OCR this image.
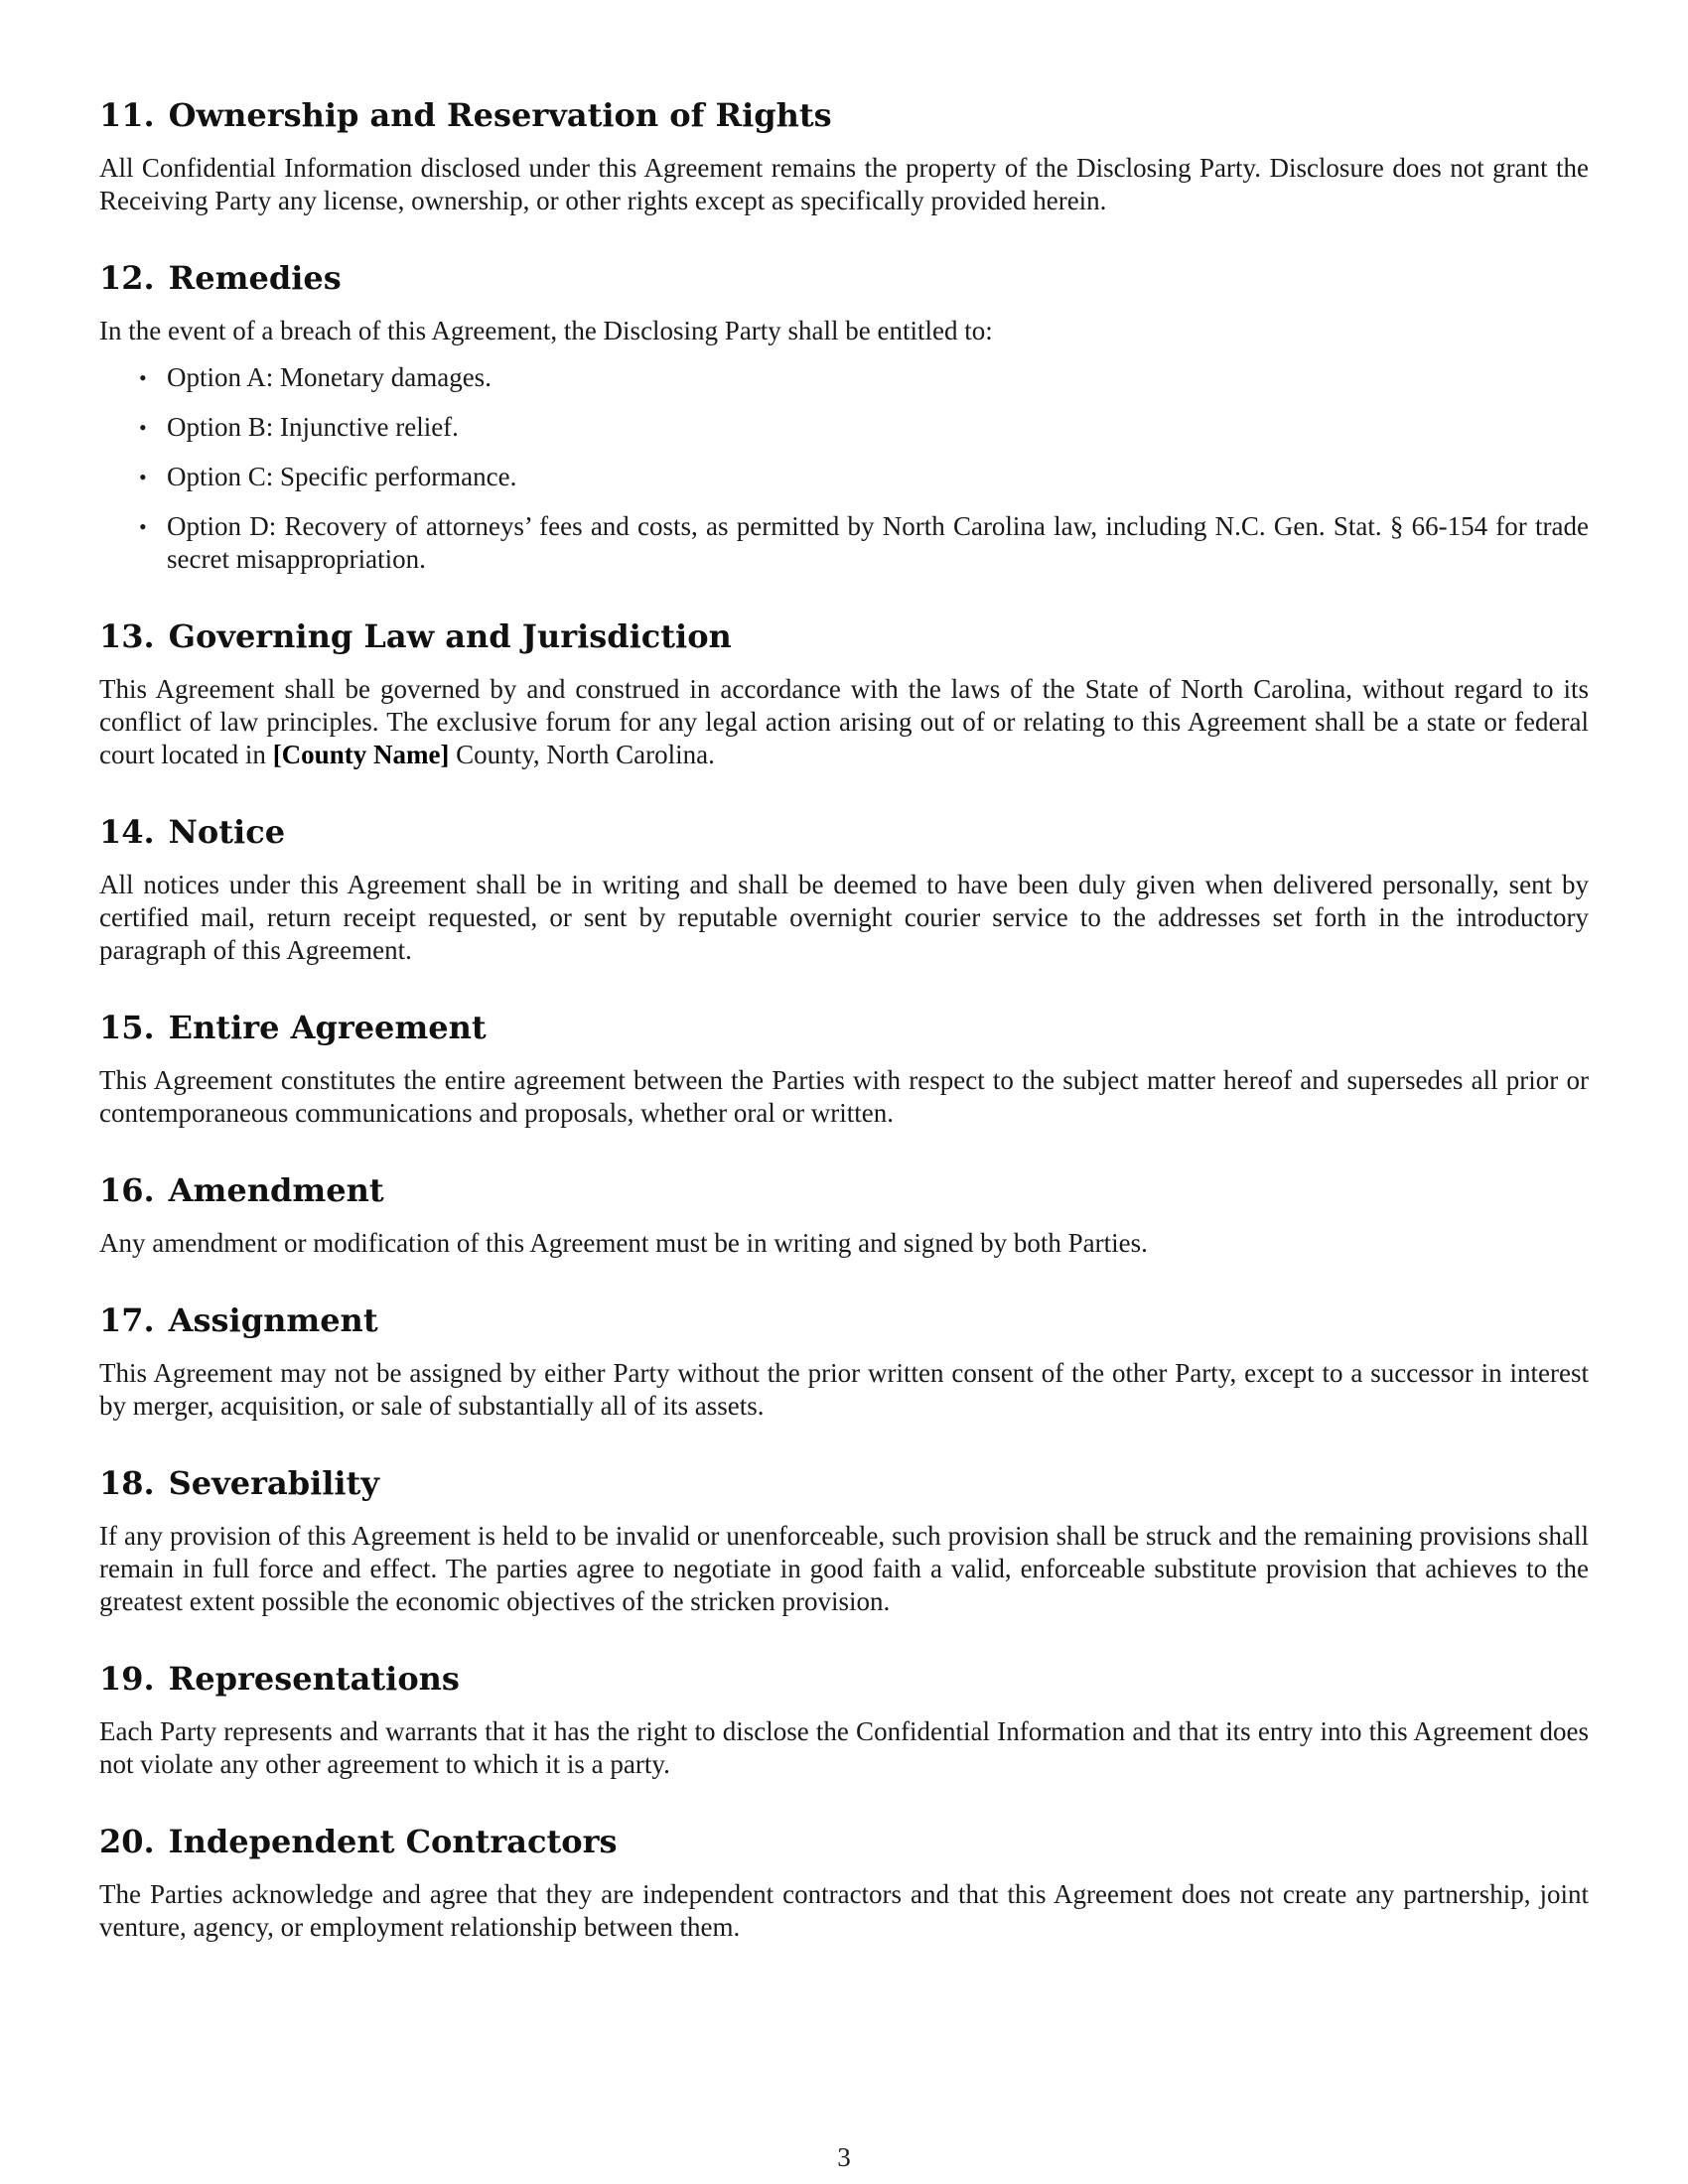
11. Ownership and Reservation of Rights

All Confidential Information disclosed under this Agreement remains the property of the Disclosing Party. Disclosure does not grant the Receiving Party any license, ownership, or other rights except as specifically provided herein.

12. Remedies

In the event of a breach of this Agreement, the Disclosing Party shall be entitled to:

• Option A: Monetary damages.
• Option B: Injunctive relief.
• Option C: Specific performance.
• Option D: Recovery of attorneys’ fees and costs, as permitted by North Carolina law, including N.C. Gen. Stat. § 66-154 for trade secret misappropriation.
13. Governing Law and Jurisdiction

This Agreement shall be governed by and construed in accordance with the laws of the State of North Carolina, without regard to its conflict of law principles. The exclusive forum for any legal action arising out of or relating to this Agreement shall be a state or federal court located in [County Name] County, North Carolina.

14. Notice

All notices under this Agreement shall be in writing and shall be deemed to have been duly given when delivered personally, sent by certified mail, return receipt requested, or sent by reputable overnight courier service to the addresses set forth in the introductory paragraph of this Agreement.

15. Entire Agreement

This Agreement constitutes the entire agreement between the Parties with respect to the subject matter hereof and supersedes all prior or contemporaneous communications and proposals, whether oral or written.

16. Amendment

Any amendment or modification of this Agreement must be in writing and signed by both Parties.

17. Assignment

This Agreement may not be assigned by either Party without the prior written consent of the other Party, except to a successor in interest by merger, acquisition, or sale of substantially all of its assets.

18. Severability

If any provision of this Agreement is held to be invalid or unenforceable, such provision shall be struck and the remaining provisions shall remain in full force and effect. The parties agree to negotiate in good faith a valid, enforceable substitute provision that achieves to the greatest extent possible the economic objectives of the stricken provision.

19. Representations

Each Party represents and warrants that it has the right to disclose the Confidential Information and that its entry into this Agreement does not violate any other agreement to which it is a party.

20. Independent Contractors

The Parties acknowledge and agree that they are independent contractors and that this Agreement does not create any partnership, joint venture, agency, or employment relationship between them.

3
